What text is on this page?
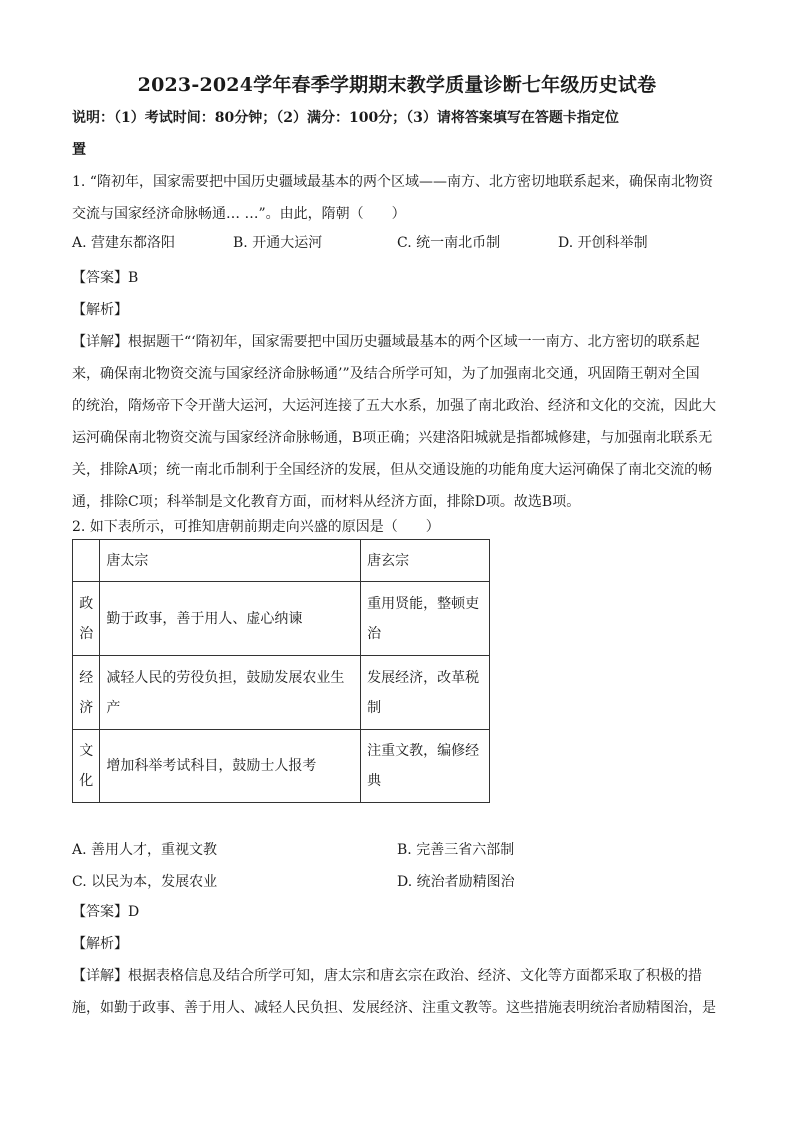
2023-2024学年春季学期期末教学质量诊断七年级历史试卷

说明：（1）考试时间：80分钟；（2）满分：100分；（3）请将答案填写在答题卡指定位

置

1. “隋初年，国家需要把中国历史疆域最基本的两个区域——南方、北方密切地联系起来，确保南北物资

交流与国家经济命脉畅通… …”。由此，隋朝（　　）

A. 营建东都洛阳	B. 开通大运河	C. 统一南北币制	D. 开创科举制

【答案】B

【解析】

【详解】根据题干“‘隋初年，国家需要把中国历史疆域最基本的两个区域一一南方、北方密切的联系起

来，确保南北物资交流与国家经济命脉畅通’”及结合所学可知，为了加强南北交通，巩固隋王朝对全国

的统治，隋炀帝下令开凿大运河，大运河连接了五大水系，加强了南北政治、经济和文化的交流，因此大

运河确保南北物资交流与国家经济命脉畅通，B项正确；兴建洛阳城就是指都城修建，与加强南北联系无

关，排除A项；统一南北币制利于全国经济的发展，但从交通设施的功能角度大运河确保了南北交流的畅

通，排除C项；科举制是文化教育方面，而材料从经济方面，排除D项。故选B项。

2. 如下表所示，可推知唐朝前期走向兴盛的原因是（　　）

	唐太宗	唐玄宗

政
治	勤于政事，善于用人、虚心纳谏	重用贤能，整顿吏
治

经
济	减轻人民的劳役负担，鼓励发展农业生
产	发展经济，改革税
制

文
化	增加科举考试科目，鼓励士人报考	注重文教，编修经
典
A. 善用人才，重视文教	B. 完善三省六部制
C. 以民为本，发展农业	D. 统治者励精图治

【答案】D

【解析】

【详解】根据表格信息及结合所学可知，唐太宗和唐玄宗在政治、经济、文化等方面都采取了积极的措

施，如勤于政事、善于用人、减轻人民负担、发展经济、注重文教等。这些措施表明统治者励精图治，是
